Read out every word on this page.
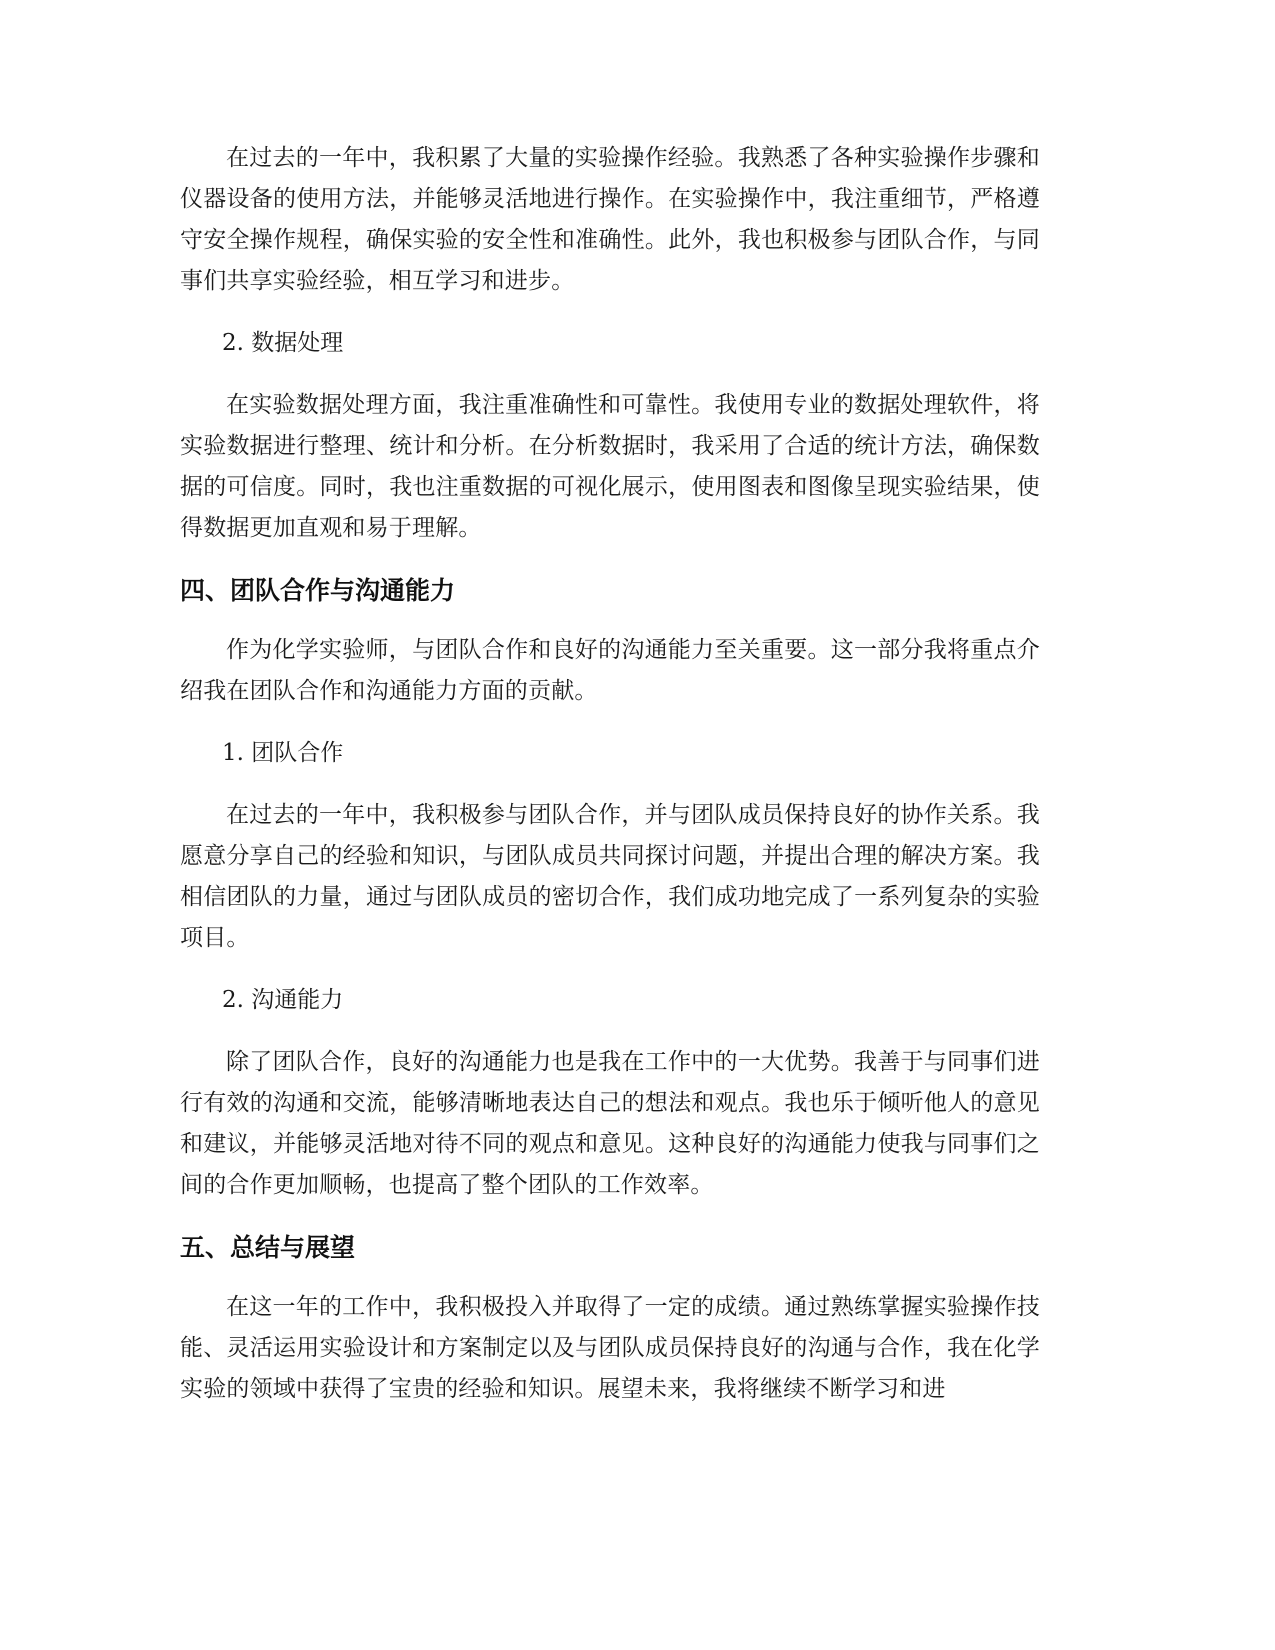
在过去的一年中，我积累了大量的实验操作经验。我熟悉了各种实验操作步骤和仪器设备的使用方法，并能够灵活地进行操作。在实验操作中，我注重细节，严格遵守安全操作规程，确保实验的安全性和准确性。此外，我也积极参与团队合作，与同事们共享实验经验，相互学习和进步。

2. 数据处理

在实验数据处理方面，我注重准确性和可靠性。我使用专业的数据处理软件，将实验数据进行整理、统计和分析。在分析数据时，我采用了合适的统计方法，确保数据的可信度。同时，我也注重数据的可视化展示，使用图表和图像呈现实验结果，使得数据更加直观和易于理解。

四、团队合作与沟通能力

作为化学实验师，与团队合作和良好的沟通能力至关重要。这一部分我将重点介绍我在团队合作和沟通能力方面的贡献。

1. 团队合作

在过去的一年中，我积极参与团队合作，并与团队成员保持良好的协作关系。我愿意分享自己的经验和知识，与团队成员共同探讨问题，并提出合理的解决方案。我相信团队的力量，通过与团队成员的密切合作，我们成功地完成了一系列复杂的实验项目。

2. 沟通能力

除了团队合作，良好的沟通能力也是我在工作中的一大优势。我善于与同事们进行有效的沟通和交流，能够清晰地表达自己的想法和观点。我也乐于倾听他人的意见和建议，并能够灵活地对待不同的观点和意见。这种良好的沟通能力使我与同事们之间的合作更加顺畅，也提高了整个团队的工作效率。

五、总结与展望

在这一年的工作中，我积极投入并取得了一定的成绩。通过熟练掌握实验操作技能、灵活运用实验设计和方案制定以及与团队成员保持良好的沟通与合作，我在化学实验的领域中获得了宝贵的经验和知识。展望未来，我将继续不断学习和进
